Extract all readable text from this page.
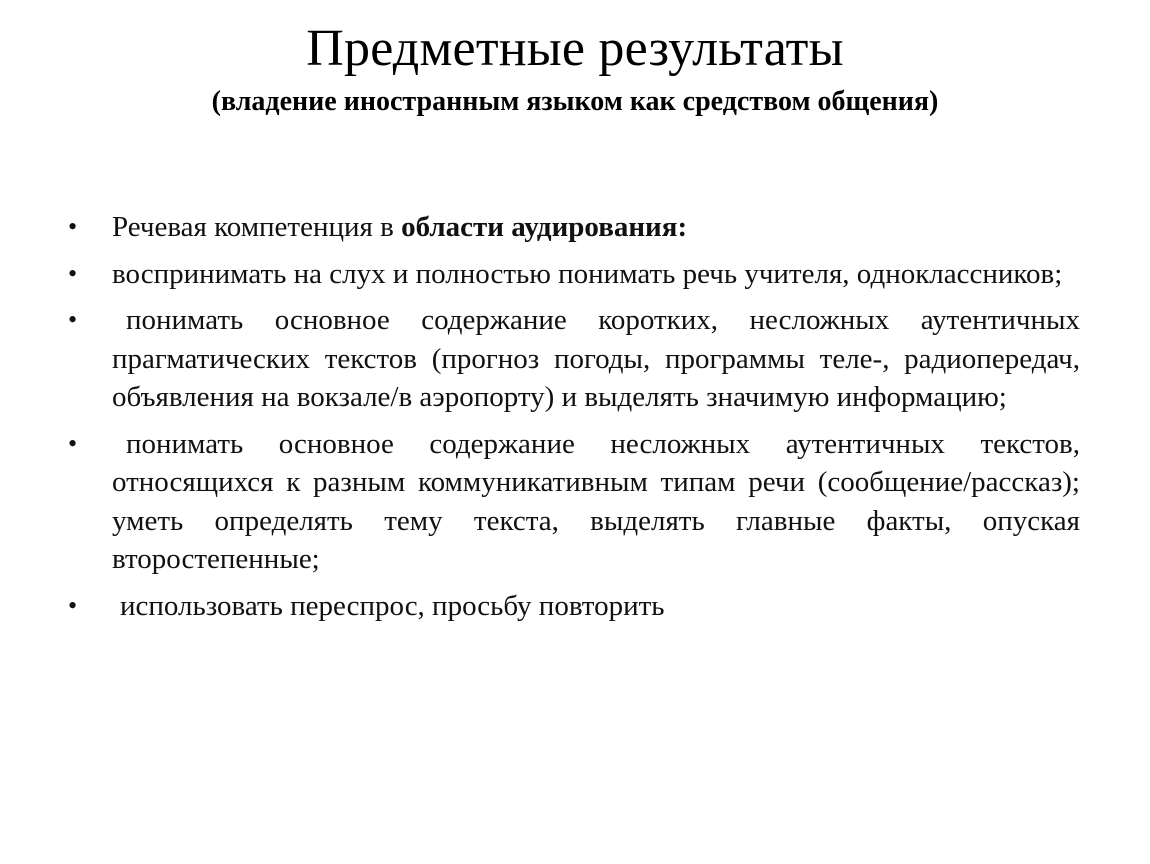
Предметные результаты

(владение иностранным языком как средством общения)

•	Речевая компетенция в области аудирования:
•	воспринимать на слух и полностью понимать речь учителя, одноклассников;
•	понимать основное содержание коротких, несложных аутентичных прагматических текстов (прогноз погоды, программы теле-, радиопередач, объявления на вокзале/в аэропорту) и выделять значимую информацию;
•	понимать основное содержание несложных аутентичных текстов, относящихся к разным коммуникативным типам речи (сообщение/рассказ); уметь определять тему текста, выделять главные факты, опуская второстепенные;
•	использовать переспрос, просьбу повторить
